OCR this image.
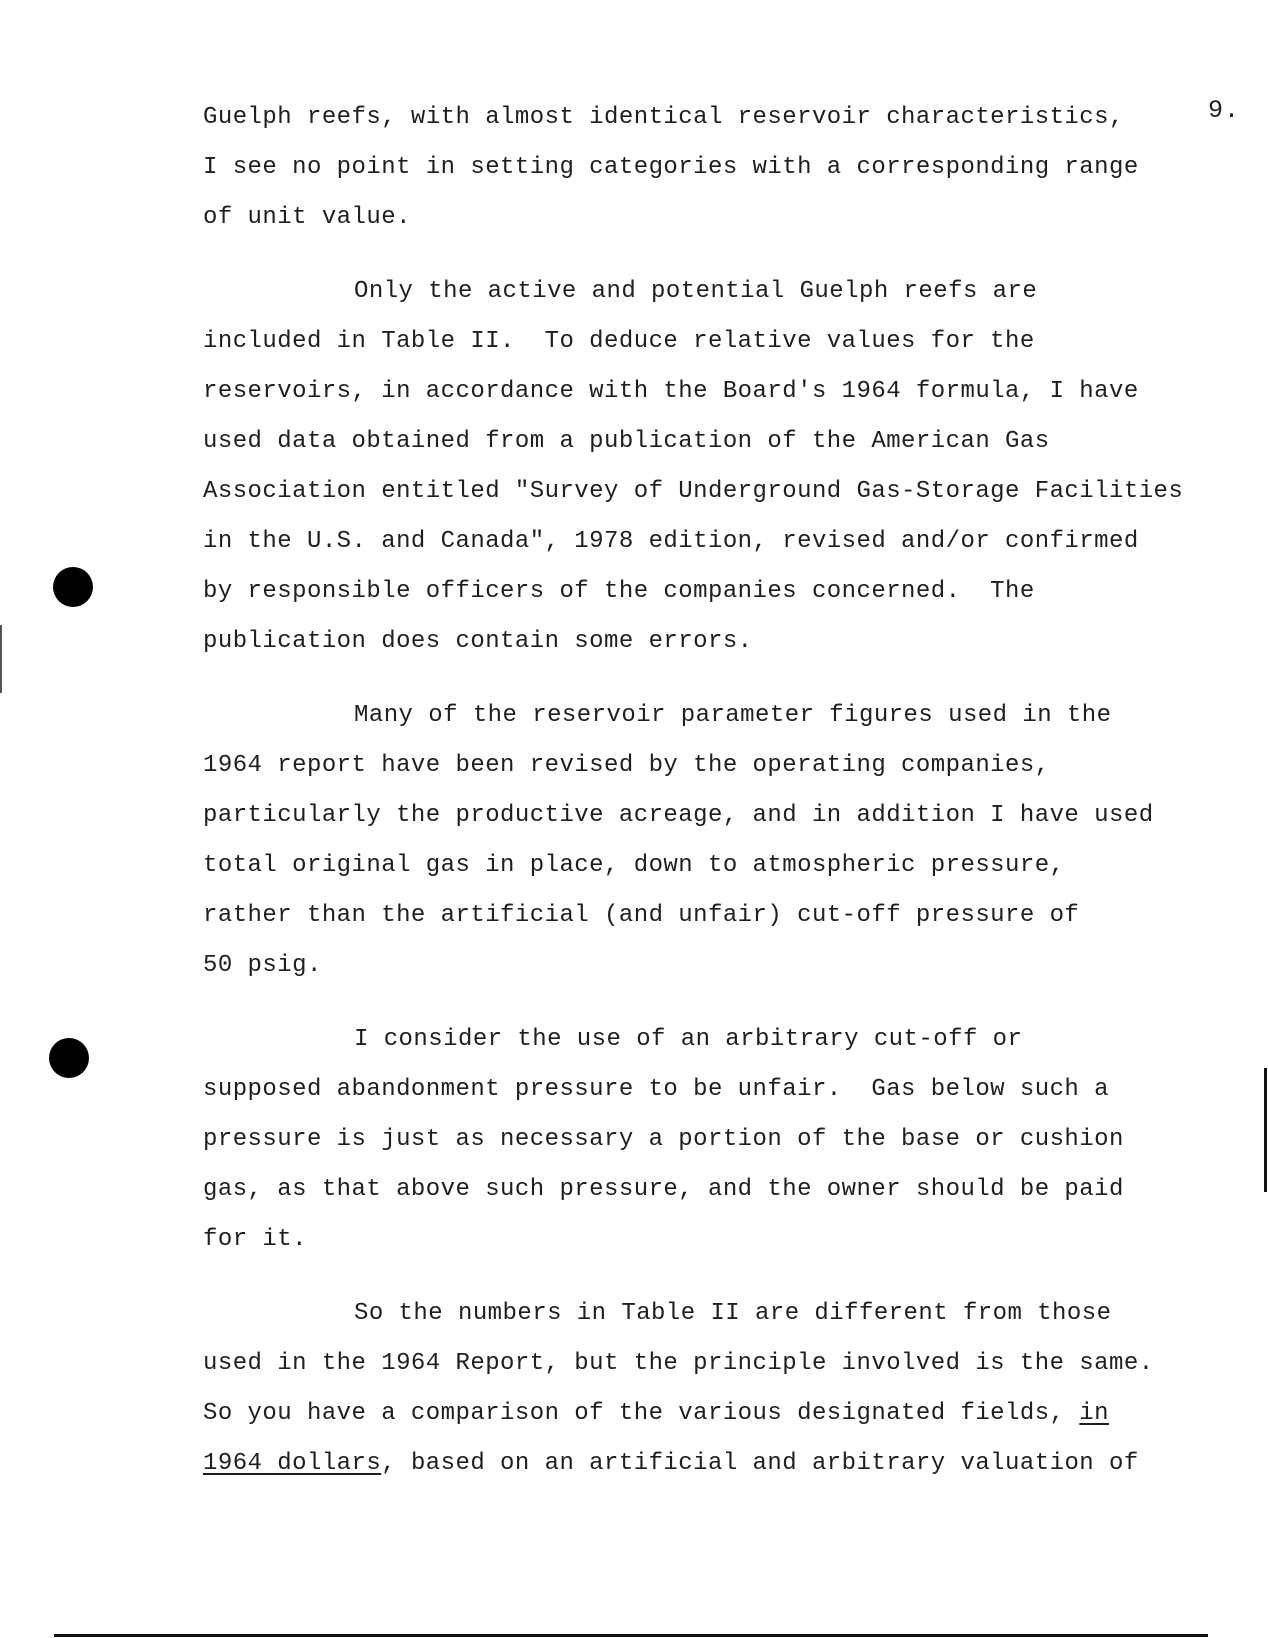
9.
Guelph reefs, with almost identical reservoir characteristics,
I see no point in setting categories with a corresponding range
of unit value.
Only the active and potential Guelph reefs are
included in Table II.  To deduce relative values for the
reservoirs, in accordance with the Board's 1964 formula, I have
used data obtained from a publication of the American Gas
Association entitled "Survey of Underground Gas-Storage Facilities
in the U.S. and Canada", 1978 edition, revised and/or confirmed
by responsible officers of the companies concerned.  The
publication does contain some errors.
Many of the reservoir parameter figures used in the
1964 report have been revised by the operating companies,
particularly the productive acreage, and in addition I have used
total original gas in place, down to atmospheric pressure,
rather than the artificial (and unfair) cut-off pressure of
50 psig.
I consider the use of an arbitrary cut-off or
supposed abandonment pressure to be unfair.  Gas below such a
pressure is just as necessary a portion of the base or cushion
gas, as that above such pressure, and the owner should be paid
for it.
So the numbers in Table II are different from those
used in the 1964 Report, but the principle involved is the same.
So you have a comparison of the various designated fields, in
1964 dollars, based on an artificial and arbitrary valuation of
